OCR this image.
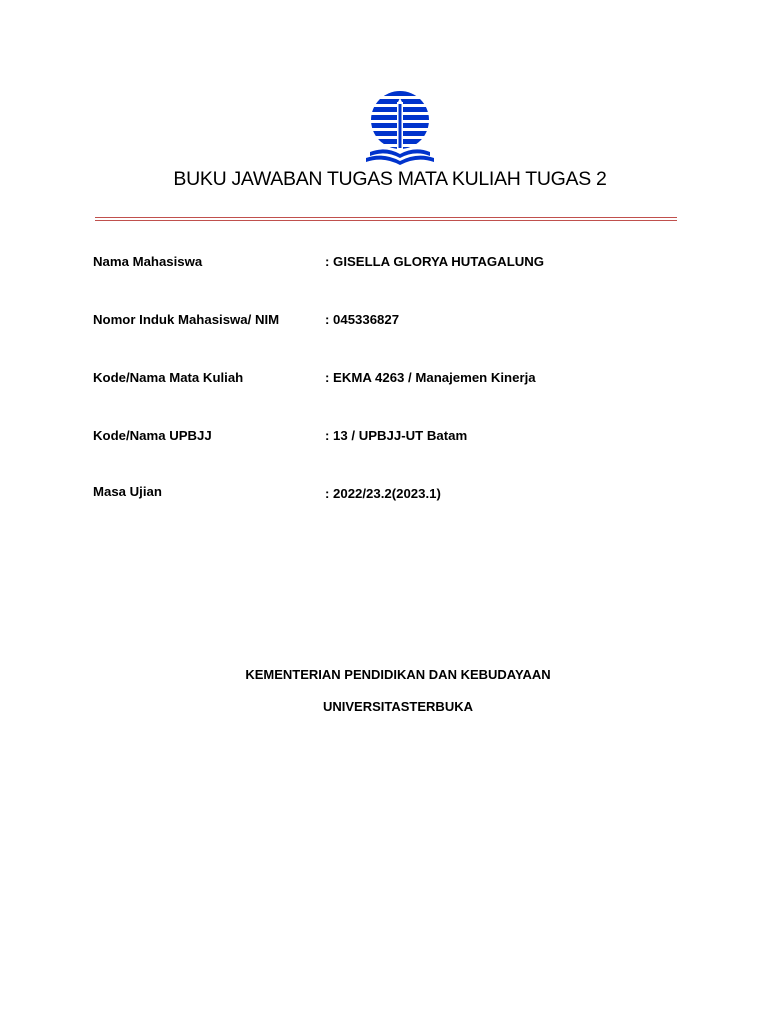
BUKU JAWABAN TUGAS MATA KULIAH TUGAS 2
Nama Mahasiswa	: GISELLA GLORYA HUTAGALUNG
Nomor Induk Mahasiswa/ NIM	: 045336827
Kode/Nama Mata Kuliah	: EKMA 4263 / Manajemen Kinerja
Kode/Nama UPBJJ	: 13 / UPBJJ-UT Batam
Masa Ujian	: 2022/23.2(2023.1)
KEMENTERIAN PENDIDIKAN DAN KEBUDAYAAN
UNIVERSITASTERBUKA
